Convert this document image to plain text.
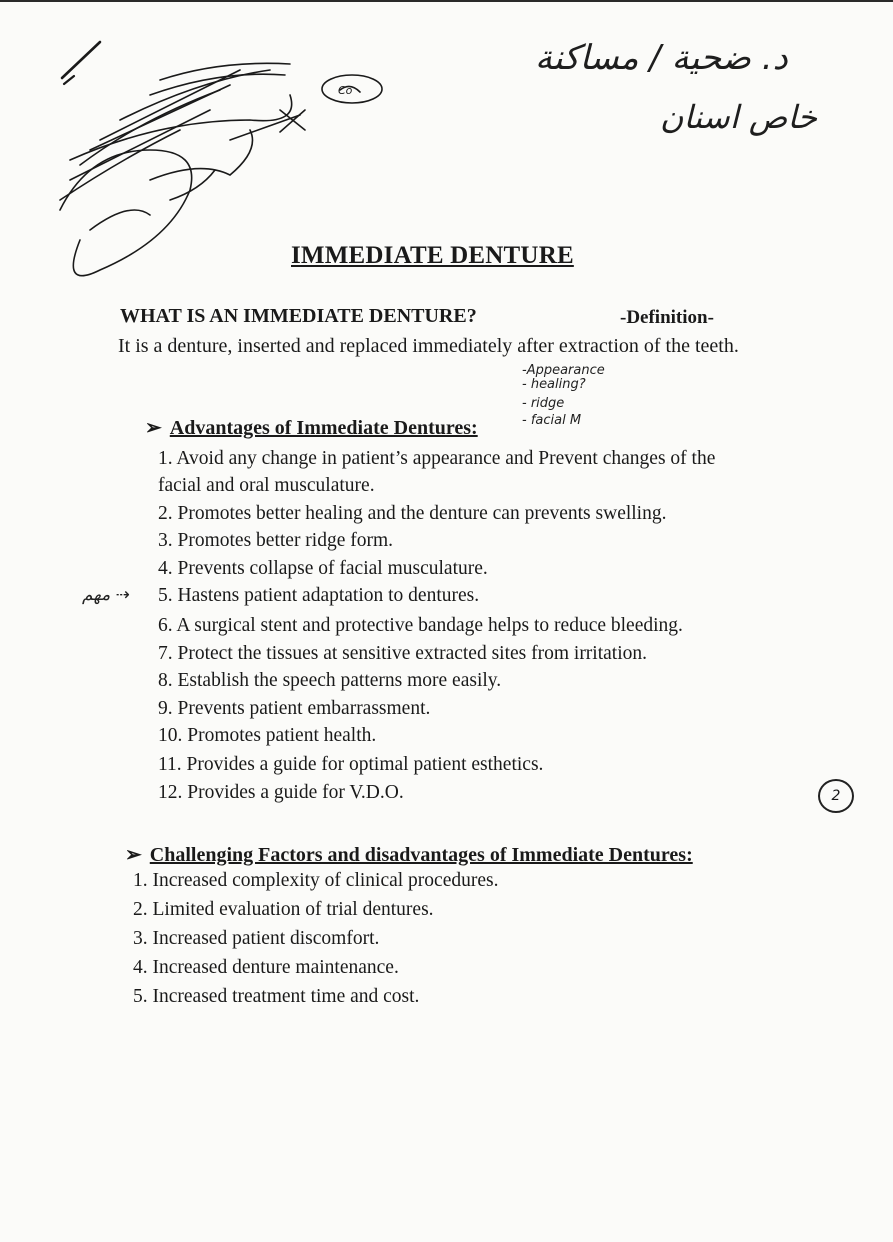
د. ضحية / مساكنة
خاص اسنان
IMMEDIATE DENTURE
WHAT IS AN IMMEDIATE DENTURE?	-Definition-
It is a denture, inserted and replaced immediately after extraction of the teeth.
-Appearance
- healing?
- ridge
- facial M
➢ Advantages of Immediate Dentures:
مهم ⇢
1. Avoid any change in patient’s appearance and Prevent changes of the facial and oral musculature.
2. Promotes better healing and the denture can prevents swelling.
3. Promotes better ridge form.
4. Prevents collapse of facial musculature.
5. Hastens patient adaptation to dentures.
6. A surgical stent and protective bandage helps to reduce bleeding.
7. Protect the tissues at sensitive extracted sites from irritation.
8. Establish the speech patterns more easily.
9. Prevents patient embarrassment.
10. Promotes patient health.
11. Provides a guide for optimal patient esthetics.
12. Provides a guide for V.D.O.	2
➢ Challenging Factors and disadvantages of Immediate Dentures:
1. Increased complexity of clinical procedures.
2. Limited evaluation of trial dentures.
3. Increased patient discomfort.
4. Increased denture maintenance.
5. Increased treatment time and cost.
Co
